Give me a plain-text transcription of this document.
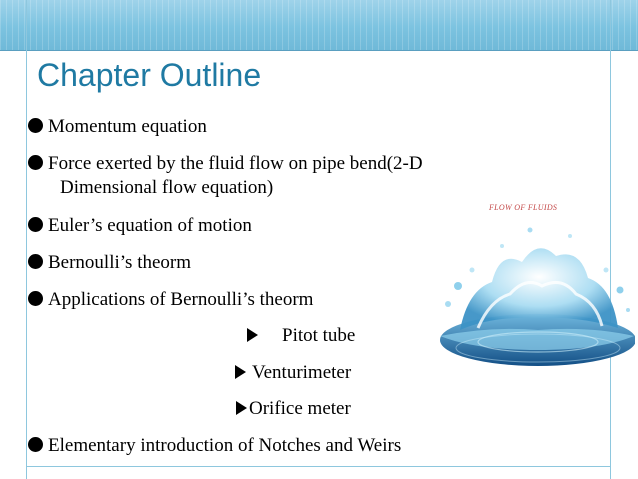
Chapter Outline
FLOW OF FLUIDS
Momentum equation
Force exerted by the fluid flow on pipe bend(2-D
Dimensional flow equation)
Euler’s equation of motion
Bernoulli’s theorm
Applications of Bernoulli’s theorm
Pitot tube
Venturimeter
Orifice meter
Elementary introduction of Notches and Weirs
